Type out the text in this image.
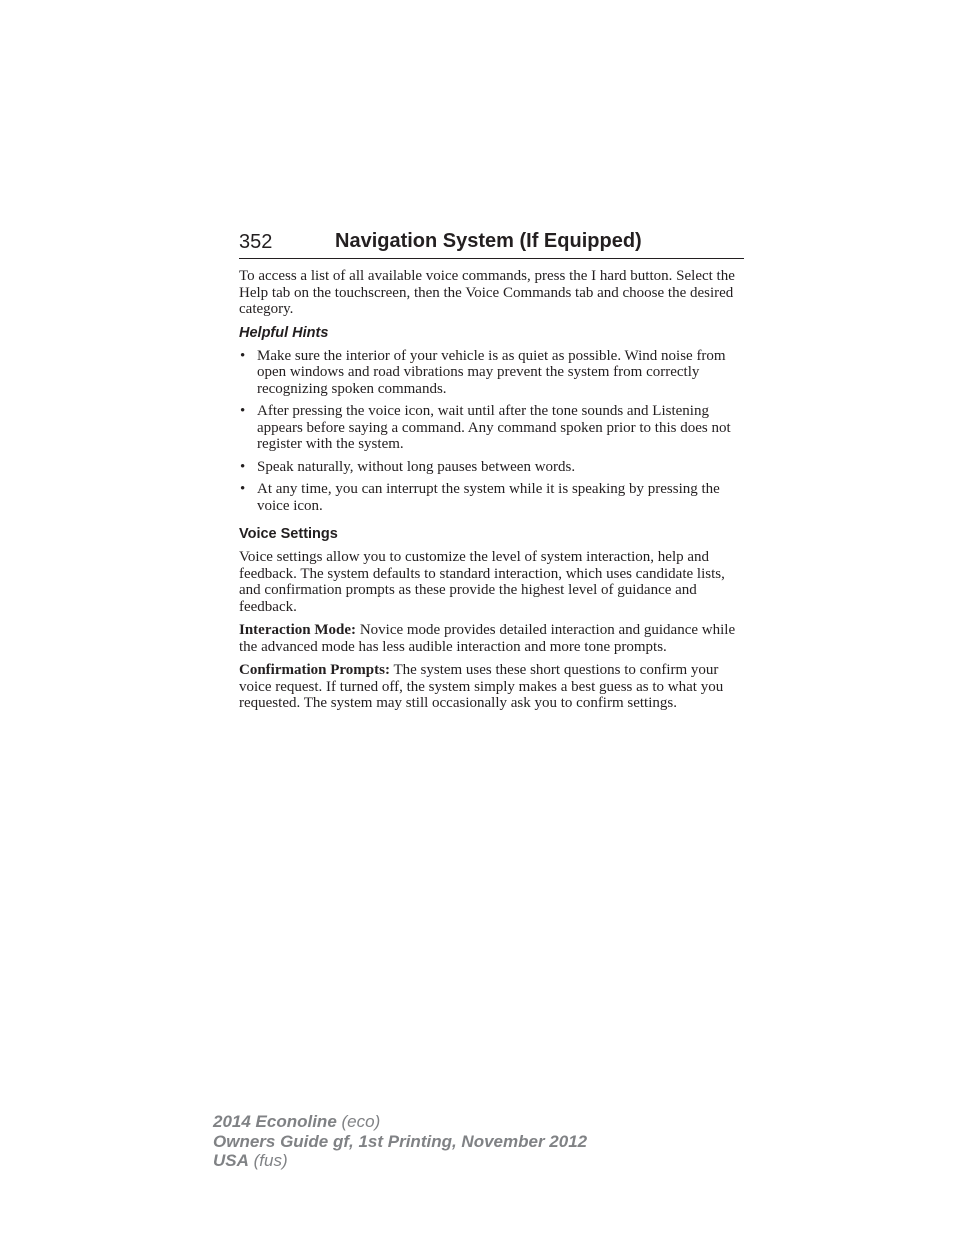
352	Navigation System (If Equipped)

To access a list of all available voice commands, press the I hard button. Select the Help tab on the touchscreen, then the Voice Commands tab and choose the desired category.

Helpful Hints
• Make sure the interior of your vehicle is as quiet as possible. Wind noise from open windows and road vibrations may prevent the system from correctly recognizing spoken commands.
• After pressing the voice icon, wait until after the tone sounds and Listening appears before saying a command. Any command spoken prior to this does not register with the system.
• Speak naturally, without long pauses between words.
• At any time, you can interrupt the system while it is speaking by pressing the voice icon.
Voice Settings

Voice settings allow you to customize the level of system interaction, help and feedback. The system defaults to standard interaction, which uses candidate lists, and confirmation prompts as these provide the highest level of guidance and feedback.

Interaction Mode: Novice mode provides detailed interaction and guidance while the advanced mode has less audible interaction and more tone prompts.

Confirmation Prompts: The system uses these short questions to confirm your voice request. If turned off, the system simply makes a best guess as to what you requested. The system may still occasionally ask you to confirm settings.

2014 Econoline (eco)
Owners Guide gf, 1st Printing, November 2012
USA (fus)
